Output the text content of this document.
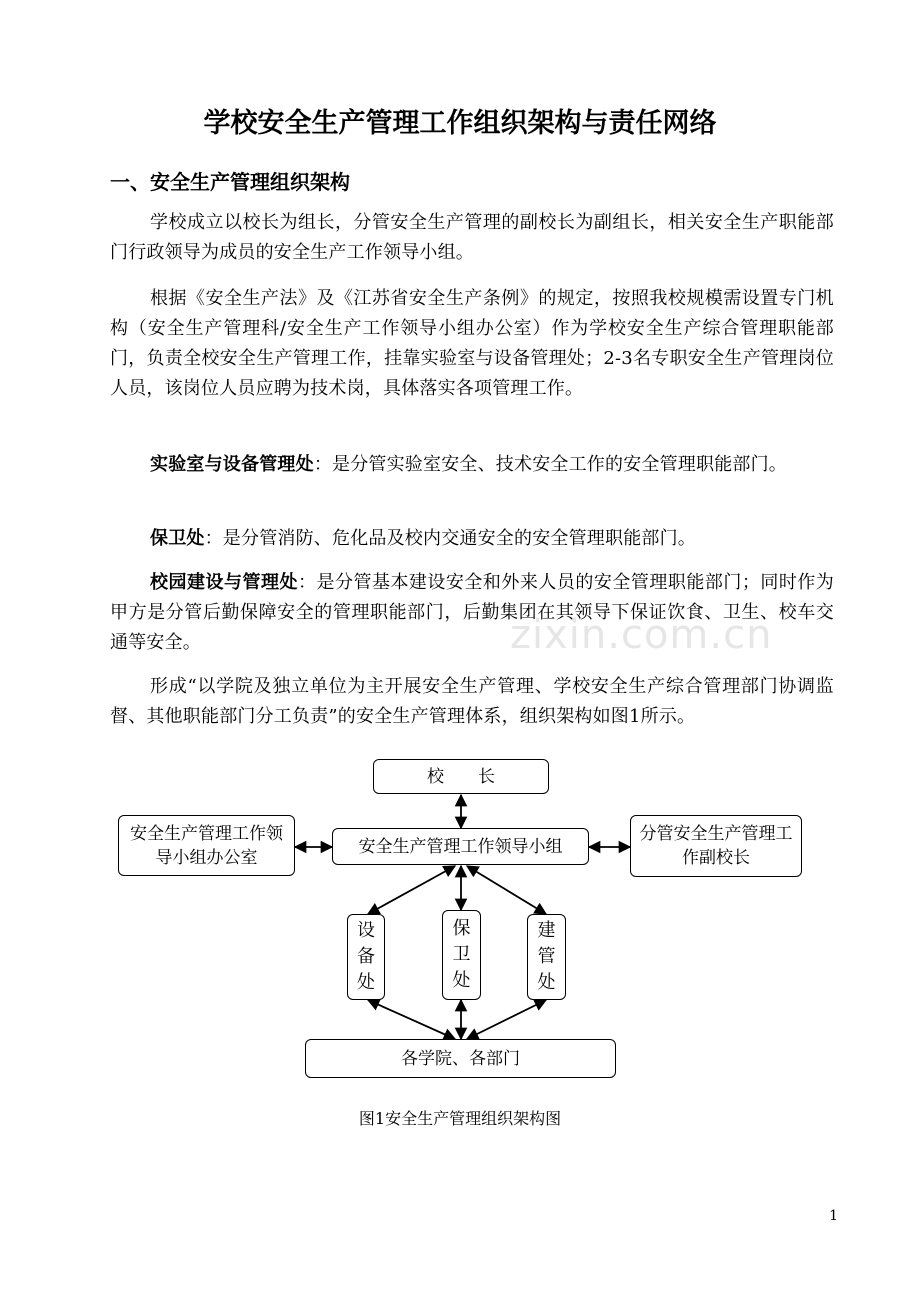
学校安全生产管理工作组织架构与责任网络
一、安全生产管理组织架构

学校成立以校长为组长，分管安全生产管理的副校长为副组长，相关安全生产职能部门行政领导为成员的安全生产工作领导小组。

根据《安全生产法》及《江苏省安全生产条例》的规定，按照我校规模需设置专门机构（安全生产管理科/安全生产工作领导小组办公室）作为学校安全生产综合管理职能部门，负责全校安全生产管理工作，挂靠实验室与设备管理处；2-3名专职安全生产管理岗位人员，该岗位人员应聘为技术岗，具体落实各项管理工作。

实验室与设备管理处：是分管实验室安全、技术安全工作的安全管理职能部门。

保卫处：是分管消防、危化品及校内交通安全的安全管理职能部门。

校园建设与管理处：是分管基本建设安全和外来人员的安全管理职能部门；同时作为甲方是分管后勤保障安全的管理职能部门，后勤集团在其领导下保证饮食、卫生、校车交通等安全。

形成“以学院及独立单位为主开展安全生产管理、学校安全生产综合管理部门协调监督、其他职能部门分工负责”的安全生产管理体系，组织架构如图1所示。

zixin.com.cn

校　　长
安全生产管理工作领导小组
安全生产管理工作领导小组办公室
分管安全生产管理工作副校长
设备处
保卫处
建管处
各学院、各部门

图1安全生产管理组织架构图

1
